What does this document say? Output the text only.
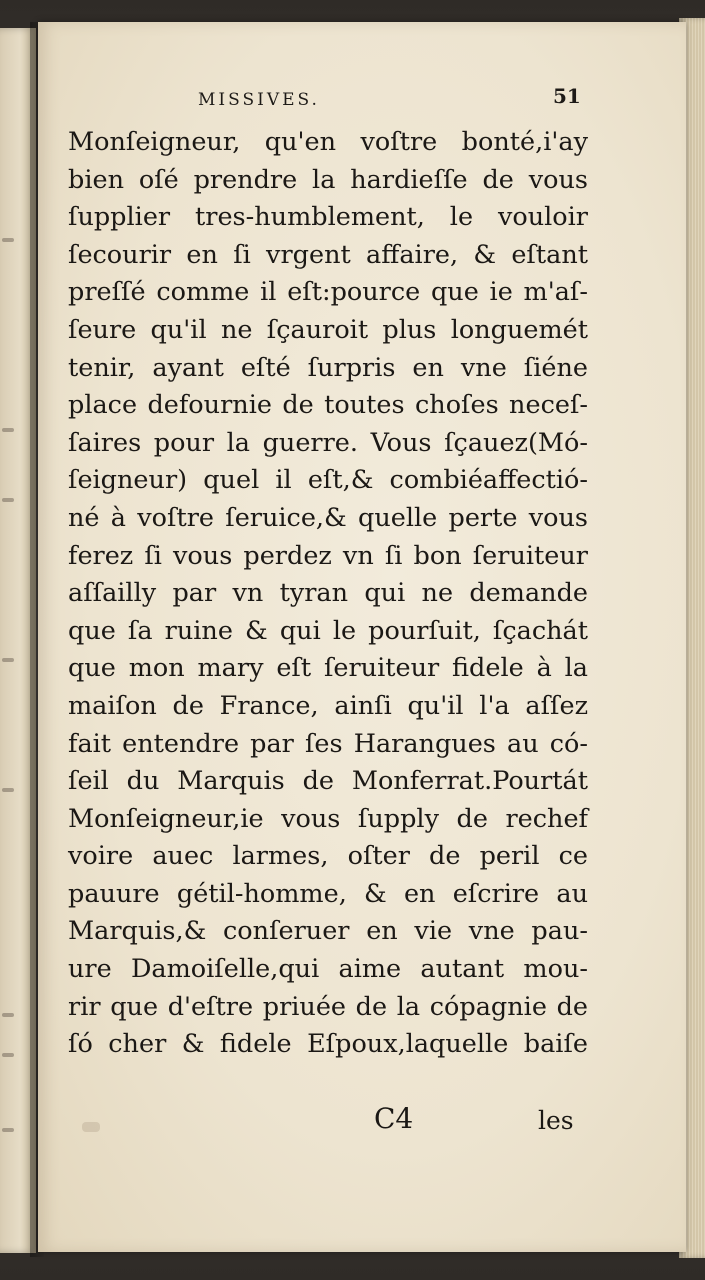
MISSIVES.	51
Monſeigneur, qu'en voſtre bonté,i'ay
bien oſé prendre la hardieſſe de vous
ſupplier tres-humblement, le vouloir
ſecourir en ſi vrgent affaire, & eſtant
preſſé comme il eſt:pource que ie m'aſ-
ſeure qu'il ne ſçauroit plus longuemét
tenir, ayant eſté ſurpris en vne ſiéne
place defournie de toutes choſes neceſ-
ſaires pour la guerre. Vous ſçauez(Mó-
ſeigneur) quel il eſt,& combiéaffectió-
né à voſtre ſeruice,& quelle perte vous
ferez ſi vous perdez vn ſi bon ſeruiteur
aſſailly par vn tyran qui ne demande
que ſa ruine & qui le pourſuit, ſçachát
que mon mary eſt ſeruiteur fidele à la
maiſon de France, ainſi qu'il l'a aſſez
fait entendre par ſes Harangues au có-
ſeil du Marquis de Monferrat.Pourtát
Monſeigneur,ie vous ſupply de rechef
voire auec larmes, oſter de peril ce
pauure gétil-homme, & en eſcrire au
Marquis,& conſeruer en vie vne pau-
ure Damoiſelle,qui aime autant mou-
rir que d'eſtre priuée de la cópagnie de
ſó cher & fidele Eſpoux,laquelle baiſe
C4	les
